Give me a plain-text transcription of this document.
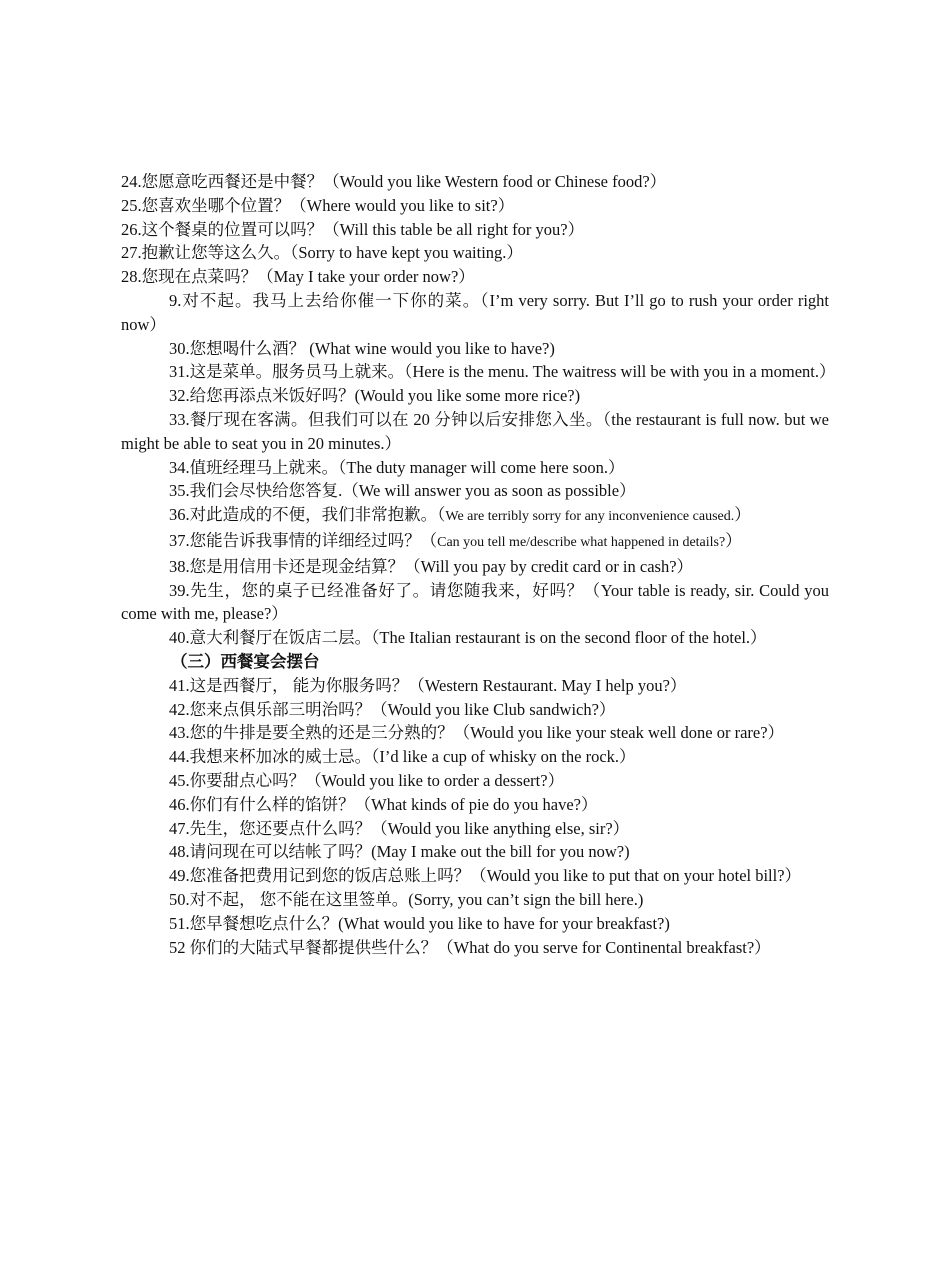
24.您愿意吃西餐还是中餐？（Would you like Western food or Chinese food?）
25.您喜欢坐哪个位置？（Where would you like to sit?）
26.这个餐桌的位置可以吗？（Will this table be all right for you?）
27.抱歉让您等这么久。（Sorry to have kept you waiting.）
28.您现在点菜吗？（May I take your order now?）
9.对不起。我马上去给你催一下你的菜。（I’m very sorry. But I’ll go to rush your order right now）
30.您想喝什么酒？ (What wine would you like to have?)
31.这是菜单。服务员马上就来。（Here is the menu. The waitress will be with you in a moment.）
32.给您再添点米饭好吗？(Would you like some more rice?)
33.餐厅现在客满。但我们可以在 20 分钟以后安排您入坐。（the restaurant is full now. but we might be able to seat you in 20 minutes.）
34.值班经理马上就来。（The duty manager will come here soon.）
35.我们会尽快给您答复.（We will answer you as soon as possible）
36.对此造成的不便，我们非常抱歉。（We are terribly sorry for any inconvenience caused.）
37.您能告诉我事情的详细经过吗？（Can you tell me/describe what happened in details?）
38.您是用信用卡还是现金结算？（Will you pay by credit card or in cash?）
39.先生，您的桌子已经准备好了。请您随我来，好吗？（Your table is ready, sir. Could you come with me, please?）
40.意大利餐厅在饭店二层。（The Italian restaurant is on the second floor of the hotel.）
（三）西餐宴会摆台
41.这是西餐厅， 能为你服务吗？（Western Restaurant. May I help you?）
42.您来点俱乐部三明治吗？（Would you like Club sandwich?）
43.您的牛排是要全熟的还是三分熟的？（Would you like your steak well done or rare?）
44.我想来杯加冰的威士忌。（I’d like a cup of whisky on the rock.）
45.你要甜点心吗？（Would you like to order a dessert?）
46.你们有什么样的馅饼？（What kinds of pie do you have?）
47.先生，您还要点什么吗？（Would you like anything else, sir?）
48.请问现在可以结帐了吗？(May I make out the bill for you now?)
49.您准备把费用记到您的饭店总账上吗？（Would you like to put that on your hotel bill?）
50.对不起， 您不能在这里签单。(Sorry, you can’t sign the bill here.)
51.您早餐想吃点什么？(What would you like to have for your breakfast?)
52 你们的大陆式早餐都提供些什么？（What do you serve for Continental breakfast?）
